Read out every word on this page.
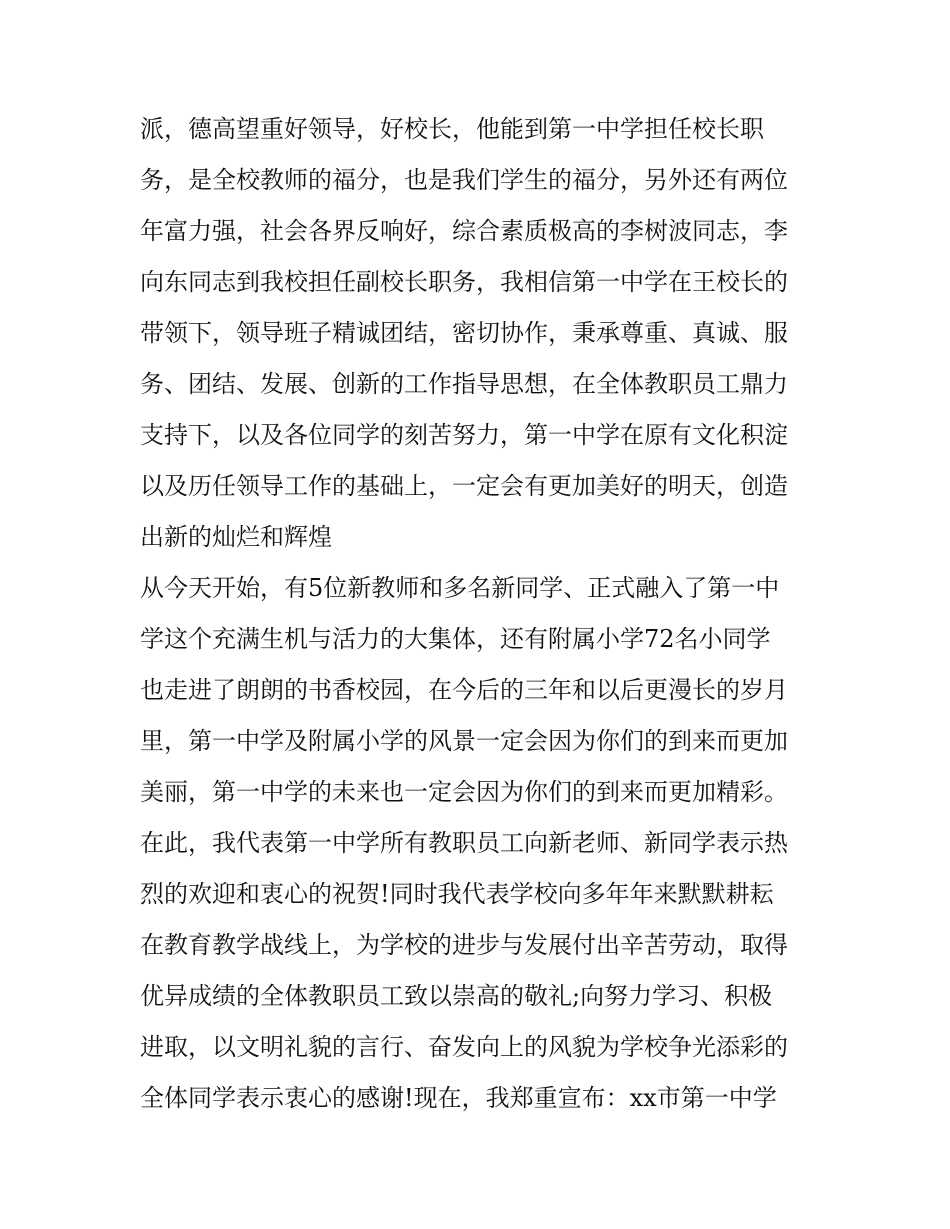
派，德高望重好领导，好校长，他能到第一中学担任校长职
务，是全校教师的福分，也是我们学生的福分，另外还有两位
年富力强，社会各界反响好，综合素质极高的李树波同志，李
向东同志到我校担任副校长职务，我相信第一中学在王校长的
带领下，领导班子精诚团结，密切协作，秉承尊重、真诚、服
务、团结、发展、创新的工作指导思想，在全体教职员工鼎力
支持下，以及各位同学的刻苦努力，第一中学在原有文化积淀
以及历任领导工作的基础上，一定会有更加美好的明天，创造
出新的灿烂和辉煌
从今天开始，有5位新教师和多名新同学、正式融入了第一中
学这个充满生机与活力的大集体，还有附属小学72名小同学
也走进了朗朗的书香校园，在今后的三年和以后更漫长的岁月
里，第一中学及附属小学的风景一定会因为你们的到来而更加
美丽，第一中学的未来也一定会因为你们的到来而更加精彩。
在此，我代表第一中学所有教职员工向新老师、新同学表示热
烈的欢迎和衷心的祝贺!同时我代表学校向多年年来默默耕耘
在教育教学战线上，为学校的进步与发展付出辛苦劳动，取得
优异成绩的全体教职员工致以崇高的敬礼;向努力学习、积极
进取，以文明礼貌的言行、奋发向上的风貌为学校争光添彩的
全体同学表示衷心的感谢!现在，我郑重宣布：xx市第一中学
